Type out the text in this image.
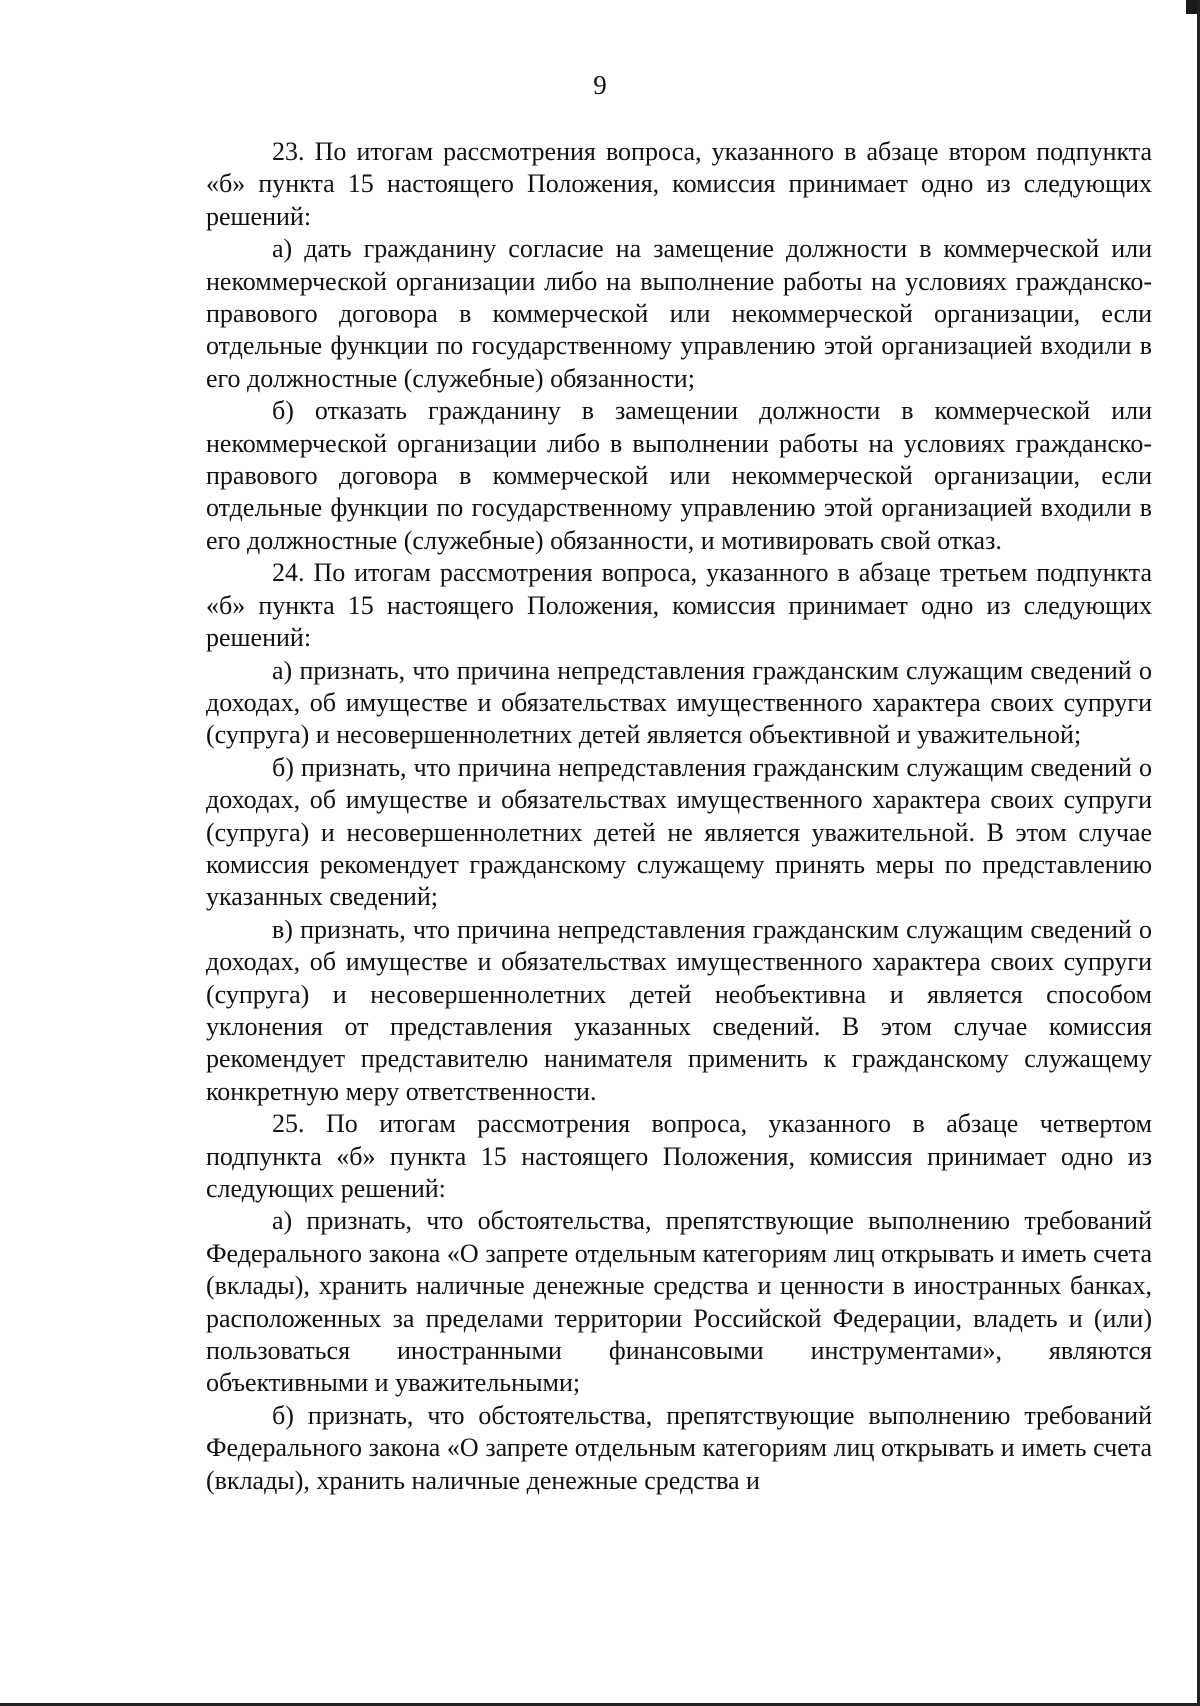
9

23. По итогам рассмотрения вопроса, указанного в абзаце втором подпункта «б» пункта 15 настоящего Положения, комиссия принимает одно из следующих решений:

а) дать гражданину согласие на замещение должности в коммерческой или некоммерческой организации либо на выполнение работы на условиях гражданско-правового договора в коммерческой или некоммерческой организации, если отдельные функции по государственному управлению этой организацией входили в его должностные (служебные) обязанности;

б) отказать гражданину в замещении должности в коммерческой или некоммерческой организации либо в выполнении работы на условиях гражданско-правового договора в коммерческой или некоммерческой организации, если отдельные функции по государственному управлению этой организацией входили в его должностные (служебные) обязанности, и мотивировать свой отказ.

24. По итогам рассмотрения вопроса, указанного в абзаце третьем подпункта «б» пункта 15 настоящего Положения, комиссия принимает одно из следующих решений:

а) признать, что причина непредставления гражданским служащим сведений о доходах, об имуществе и обязательствах имущественного характера своих супруги (супруга) и несовершеннолетних детей является объективной и уважительной;

б) признать, что причина непредставления гражданским служащим сведений о доходах, об имуществе и обязательствах имущественного характера своих супруги (супруга) и несовершеннолетних детей не является уважительной. В этом случае комиссия рекомендует гражданскому служащему принять меры по представлению указанных сведений;

в) признать, что причина непредставления гражданским служащим сведений о доходах, об имуществе и обязательствах имущественного характера своих супруги (супруга) и несовершеннолетних детей необъективна и является способом уклонения от представления указанных сведений. В этом случае комиссия рекомендует представителю нанимателя применить к гражданскому служащему конкретную меру ответственности.

25. По итогам рассмотрения вопроса, указанного в абзаце четвертом подпункта «б» пункта 15 настоящего Положения, комиссия принимает одно из следующих решений:

а) признать, что обстоятельства, препятствующие выполнению требований Федерального закона «О запрете отдельным категориям лиц открывать и иметь счета (вклады), хранить наличные денежные средства и ценности в иностранных банках, расположенных за пределами территории Российской Федерации, владеть и (или) пользоваться иностранными финансовыми инструментами», являются объективными и уважительными;

б) признать, что обстоятельства, препятствующие выполнению требований Федерального закона «О запрете отдельным категориям лиц открывать и иметь счета (вклады), хранить наличные денежные средства и
